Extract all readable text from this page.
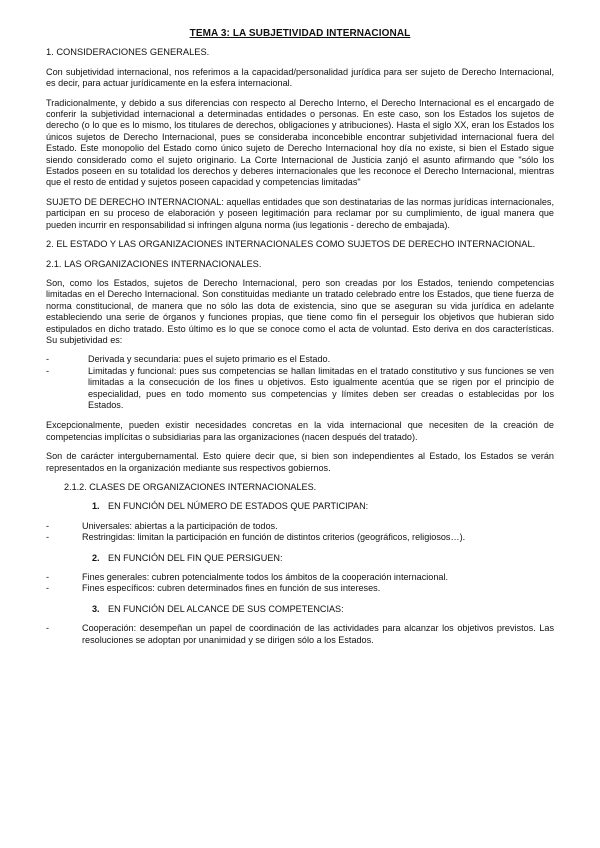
TEMA 3: LA SUBJETIVIDAD INTERNACIONAL
1. CONSIDERACIONES GENERALES.

Con subjetividad internacional, nos referimos a la capacidad/personalidad jurídica para ser sujeto de Derecho Internacional, es decir, para actuar jurídicamente en la esfera internacional.

Tradicionalmente, y debido a sus diferencias con respecto al Derecho Interno, el Derecho Internacional es el encargado de conferir la subjetividad internacional a determinadas entidades o personas. En este caso, son los Estados los sujetos de derecho (o lo que es lo mismo, los titulares de derechos, obligaciones y atribuciones). Hasta el siglo XX, eran los Estados los únicos sujetos de Derecho Internacional, pues se consideraba inconcebible encontrar subjetividad internacional fuera del Estado. Este monopolio del Estado como único sujeto de Derecho Internacional hoy día no existe, si bien el Estado sigue siendo considerado como el sujeto originario. La Corte Internacional de Justicia zanjó el asunto afirmando que "sólo los Estados poseen en su totalidad los derechos y deberes internacionales que les reconoce el Derecho Internacional, mientras que el resto de entidad y sujetos poseen capacidad y competencias limitadas"

SUJETO DE DERECHO INTERNACIONAL: aquellas entidades que son destinatarias de las normas jurídicas internacionales, participan en su proceso de elaboración y poseen legitimación para reclamar por su cumplimiento, de igual manera que pueden incurrir en responsabilidad si infringen alguna norma (ius legationis - derecho de embajada).

2. EL ESTADO Y LAS ORGANIZACIONES INTERNACIONALES COMO SUJETOS DE DERECHO INTERNACIONAL.

2.1. LAS ORGANIZACIONES INTERNACIONALES.

Son, como los Estados, sujetos de Derecho Internacional, pero son creadas por los Estados, teniendo competencias limitadas en el Derecho Internacional. Son constituidas mediante un tratado celebrado entre los Estados, que tiene fuerza de norma constitucional, de manera que no sólo las dota de existencia, sino que se aseguran su vida jurídica en adelante estableciendo una serie de órganos y funciones propias, que tiene como fin el perseguir los objetivos que hubieran sido estipulados en dicho tratado. Esto último es lo que se conoce como el acta de voluntad. Esto deriva en dos características. Su subjetividad es:

- Derivada y secundaria: pues el sujeto primario es el Estado.
- Limitadas y funcional: pues sus competencias se hallan limitadas en el tratado constitutivo y sus funciones se ven limitadas a la consecución de los fines u objetivos. Esto igualmente acentúa que se rigen por el principio de especialidad, pues en todo momento sus competencias y límites deben ser creadas o establecidas por los Estados.

Excepcionalmente, pueden existir necesidades concretas en la vida internacional que necesiten de la creación de competencias implícitas o subsidiarias para las organizaciones (nacen después del tratado).

Son de carácter intergubernamental. Esto quiere decir que, si bien son independientes al Estado, los Estados se verán representados en la organización mediante sus respectivos gobiernos.

2.1.2. CLASES DE ORGANIZACIONES INTERNACIONALES.
1. EN FUNCIÓN DEL NÚMERO DE ESTADOS QUE PARTICIPAN:
- Universales: abiertas a la participación de todos.
- Restringidas: limitan la participación en función de distintos criterios (geográficos, religiosos…).
2. EN FUNCIÓN DEL FIN QUE PERSIGUEN:
- Fines generales: cubren potencialmente todos los ámbitos de la cooperación internacional.
- Fines específicos: cubren determinados fines en función de sus intereses.
3. EN FUNCIÓN DEL ALCANCE DE SUS COMPETENCIAS:
- Cooperación: desempeñan un papel de coordinación de las actividades para alcanzar los objetivos previstos. Las resoluciones se adoptan por unanimidad y se dirigen sólo a los Estados.
